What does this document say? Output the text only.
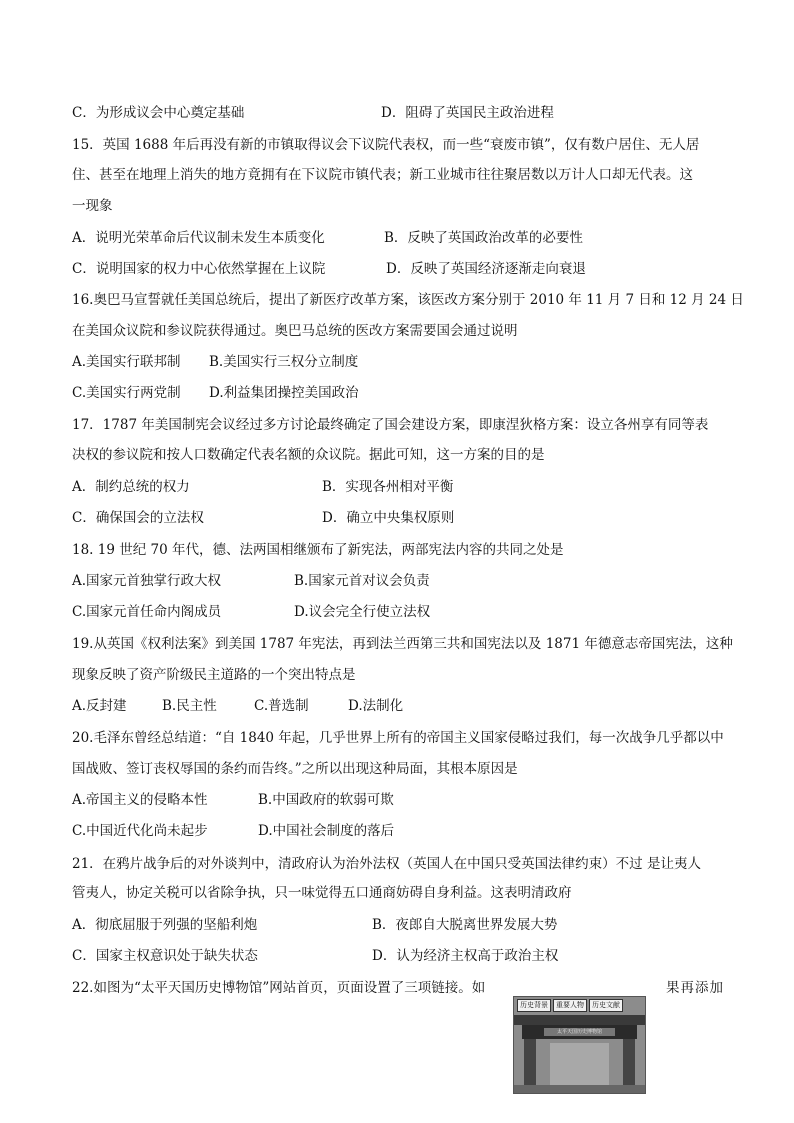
C．为形成议会中心奠定基础	D．阻碍了英国民主政治进程
15．英国 1688 年后再没有新的市镇取得议会下议院代表权，而一些“衰废市镇”，仅有数户居住、无人居
住、甚至在地理上消失的地方竟拥有在下议院市镇代表；新工业城市往往聚居数以万计人口却无代表。这
一现象
A．说明光荣革命后代议制未发生本质变化	B．反映了英国政治改革的必要性
C．说明国家的权力中心依然掌握在上议院	D．反映了英国经济逐渐走向衰退
16.奥巴马宣誓就任美国总统后，提出了新医疗改革方案，该医改方案分别于 2010 年 11 月 7 日和 12 月 24 日
在美国众议院和参议院获得通过。奥巴马总统的医改方案需要国会通过说明
A.美国实行联邦制 B.美国实行三权分立制度
C.美国实行两党制 D.利益集团操控美国政治
17．1787 年美国制宪会议经过多方讨论最终确定了国会建设方案，即康涅狄格方案：设立各州享有同等表
决权的参议院和按人口数确定代表名额的众议院。据此可知，这一方案的目的是
A．制约总统的权力	B．实现各州相对平衡
C．确保国会的立法权	D．确立中央集权原则
18. 19 世纪 70 年代，德、法两国相继颁布了新宪法，两部宪法内容的共同之处是
A.国家元首独掌行政大权	B.国家元首对议会负责
C.国家元首任命内阁成员	D.议会完全行使立法权
19.从英国《权利法案》到美国 1787 年宪法，再到法兰西第三共和国宪法以及 1871 年德意志帝国宪法，这种
现象反映了资产阶级民主道路的一个突出特点是
A.反封建	B.民主性	C.普选制	D.法制化
20.毛泽东曾经总结道：“自 1840 年起，几乎世界上所有的帝国主义国家侵略过我们，每一次战争几乎都以中
国战败、签订丧权辱国的条约而告终。”之所以出现这种局面，其根本原因是
A.帝国主义的侵略本性	B.中国政府的软弱可欺
C.中国近代化尚未起步	D.中国社会制度的落后
21．在鸦片战争后的对外谈判中，清政府认为治外法权（英国人在中国只受英国法律约束）不过 是让夷人
管夷人，协定关税可以省除争执，只一味觉得五口通商妨碍自身利益。这表明清政府
A．彻底屈服于列强的坚船利炮	B．夜郎自大脱离世界发展大势
C．国家主权意识处于缺失状态	D．认为经济主权高于政治主权
22.如图为“太平天国历史博物馆”网站首页，页面设置了三项链接。如	果再添加
太平天国历史博物馆
历史背景	重要人物	历史文献
